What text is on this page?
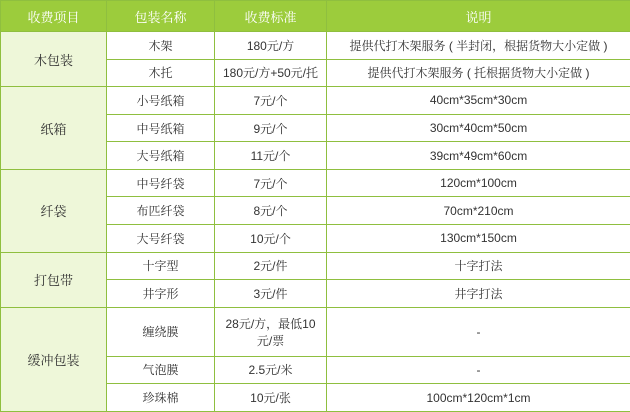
收费项目	包装名称	收费标准	说明
木包装	木架	180元/方	提供代打木架服务 ( 半封闭，根据货物大小定做 )
	木托	180元/方+50元/托	提供代打木架服务 ( 托根据货物大小定做 )
纸箱	小号纸箱	7元/个	40cm*35cm*30cm
	中号纸箱	9元/个	30cm*40cm*50cm
	大号纸箱	11元/个	39cm*49cm*60cm
纤袋	中号纤袋	7元/个	120cm*100cm
	布匹纤袋	8元/个	70cm*210cm
	大号纤袋	10元/个	130cm*150cm
打包带	十字型	2元/件	十字打法
	井字形	3元/件	井字打法
缓冲包装	缠绕膜	28元/方，最低10元/票	-
	气泡膜	2.5元/米	-
	珍珠棉	10元/张	100cm*120cm*1cm
